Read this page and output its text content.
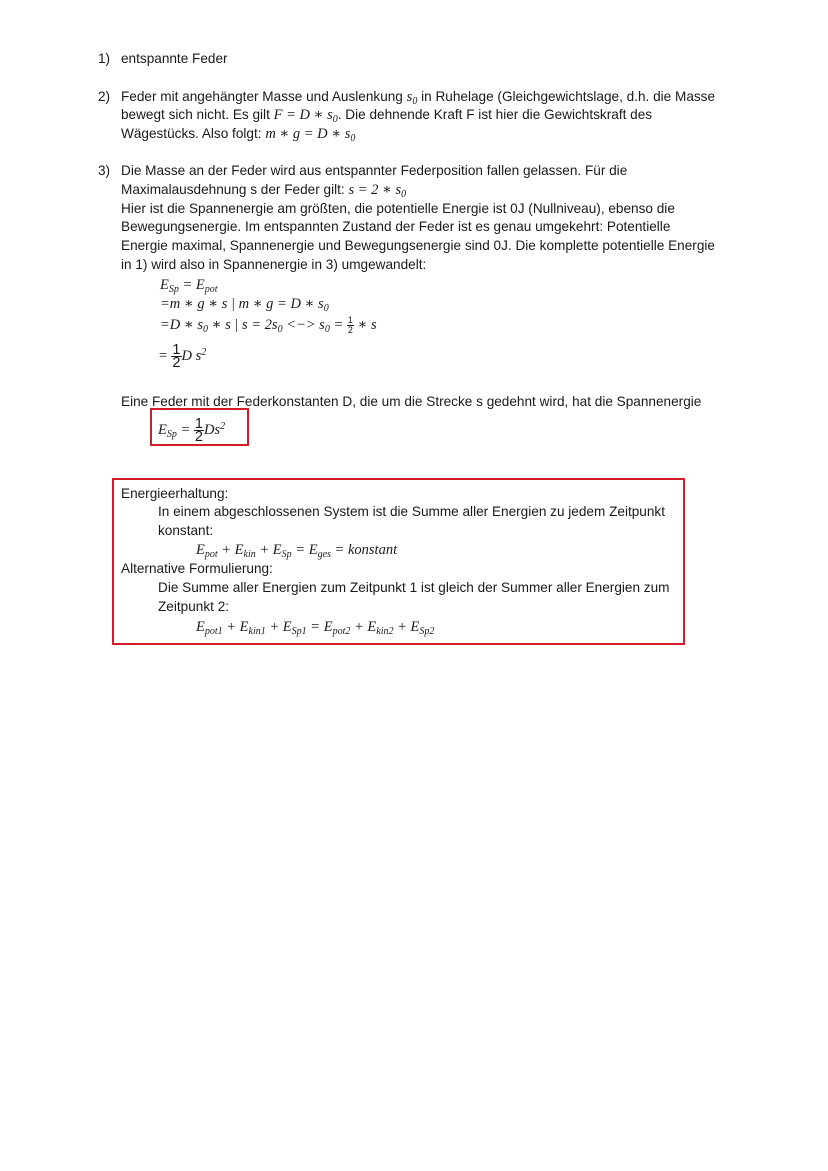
1) entspannte Feder
2) Feder mit angehängter Masse und Auslenkung $s_0$ in Ruhelage (Gleichgewichtslage, d.h. die Masse
bewegt sich nicht. Es gilt F = D ∗ $s_0$. Die dehnende Kraft F ist hier die Gewichtskraft des
Wägestücks. Also folgt: m ∗ g = D ∗ $s_0$
3) Die Masse an der Feder wird aus entspannter Federposition fallen gelassen. Für die
Maximalausdehnung s der Feder gilt: s = 2 ∗ $s_0$
Hier ist die Spannenergie am größten, die potentielle Energie ist 0J (Nullniveau), ebenso die
Bewegungsenergie. Im entspannten Zustand der Feder ist es genau umgekehrt: Potentielle
Energie maximal, Spannenergie und Bewegungsenergie sind 0J. Die komplette potentielle Energie
in 1) wird also in Spannenergie in 3) umgewandelt:
$E_{Sp} = E_{pot}$
=m ∗ g ∗ s | m ∗ g = D ∗ $s_0$
=D ∗ $s_0$ ∗ s | $s = 2s_0$ <−> $s_0 = \frac{1}{2}$ ∗ s
= $\frac{1}{2}$ D $s^2$
Eine Feder mit der Federkonstanten D, die um die Strecke s gedehnt wird, hat die Spannenergie
$E_{Sp} = \frac{1}{2} Ds^2$
Energieerhaltung:
In einem abgeschlossenen System ist die Summe aller Energien zu jedem Zeitpunkt
konstant:
$E_{pot} + E_{kin} + E_{Sp} = E_{ges}$ = konstant
Alternative Formulierung:
Die Summe aller Energien zum Zeitpunkt 1 ist gleich der Summer aller Energien zum
Zeitpunkt 2:
$E_{pot1} + E_{kin1} + E_{Sp1} = E_{pot2} + E_{kin2} + E_{Sp2}$
